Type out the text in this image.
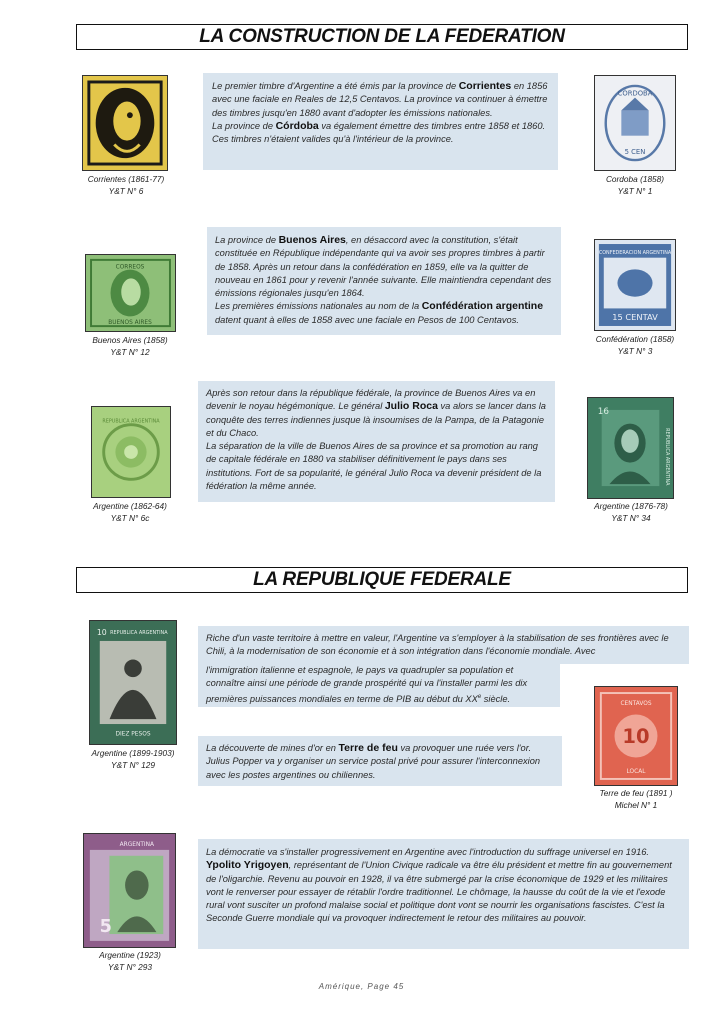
LA CONSTRUCTION DE LA FEDERATION
Corrientes (1861-77)
Y&T N° 6

Le premier timbre d'Argentine a été émis par la province de Corrientes en 1856 avec une faciale en Reales de 12,5 Centavos. La province va continuer à émettre des timbres jusqu'en 1880 avant d'adopter les émissions nationales.

La province de Córdoba va également émettre des timbres entre 1858 et 1860. Ces timbres n'étaient valides qu'à l'intérieur de la province.

CÓRDOBA
5 CEN
Cordoba (1858)
Y&T N° 1
CORREOS
BUENOS AIRES
Buenos Aires (1858)
Y&T N° 12

La province de Buenos Aires, en désaccord avec la constitution, s'était constituée en République indépendante qui va avoir ses propres timbres à partir de 1858. Après un retour dans la confédération en 1859, elle va la quitter de nouveau en 1861 pour y revenir l'année suivante. Elle maintiendra cependant des émissions régionales jusqu'en 1864.

Les premières émissions nationales au nom de la Confédération argentine datent quant à elles de 1858 avec une faciale en Pesos de 100 Centavos.

CONFEDERACION ARGENTINA
15 CENTAV
Confédération (1858)
Y&T N° 3
REPUBLICA ARGENTINA
Argentine (1862-64)
Y&T N° 6c

Après son retour dans la république fédérale, la province de Buenos Aires va en devenir le noyau hégémonique. Le général Julio Roca va alors se lancer dans la conquête des terres indiennes jusque là insoumises de la Pampa, de la Patagonie et du Chaco.

La séparation de la ville de Buenos Aires de sa province et sa promotion au rang de capitale fédérale en 1880 va stabiliser définitivement le pays dans ses institutions. Fort de sa popularité, le général Julio Roca va devenir président de la fédération la même année.

16
REPUBLICA ARGENTINA
Argentine (1876-78)
Y&T N° 34
LA REPUBLIQUE FEDERALE
10 REPUBLICA ARGENTINA
DIEZ PESOS
Argentine (1899-1903)
Y&T N° 129

Riche d'un vaste territoire à mettre en valeur, l'Argentine va s'employer à la stabilisation de ses frontières avec le Chili, à la modernisation de son économie et à son intégration dans l'économie mondiale. Avec

l'immigration italienne et espagnole, le pays va quadrupler sa population et connaître ainsi une période de grande prospérité qui va l'installer parmi les dix premières puissances mondiales en terme de PIB au début du XXe siècle.

La découverte de mines d'or en Terre de feu va provoquer une ruée vers l'or. Julius Popper va y organiser un service postal privé pour assurer l'interconnexion avec les postes argentines ou chiliennes.

10
CENTAVOS
LOCAL
Terre de feu (1891 )
Michel N° 1
5
ARGENTINA
Argentine (1923)
Y&T N° 293

La démocratie va s'installer progressivement en Argentine avec l'introduction du suffrage universel en 1916.

Ypolito Yrigoyen, représentant de l'Union Civique radicale va être élu président et mettre fin au gouvernement de l'oligarchie. Revenu au pouvoir en 1928, il va être submergé par la crise économique de 1929 et les militaires vont le renverser pour essayer de rétablir l'ordre traditionnel. Le chômage, la hausse du coût de la vie et l'exode rural vont susciter un profond malaise social et politique dont vont se nourrir les organisations fascistes. C'est la Seconde Guerre mondiale qui va provoquer indirectement le retour des militaires au pouvoir.

Amérique, Page 45
